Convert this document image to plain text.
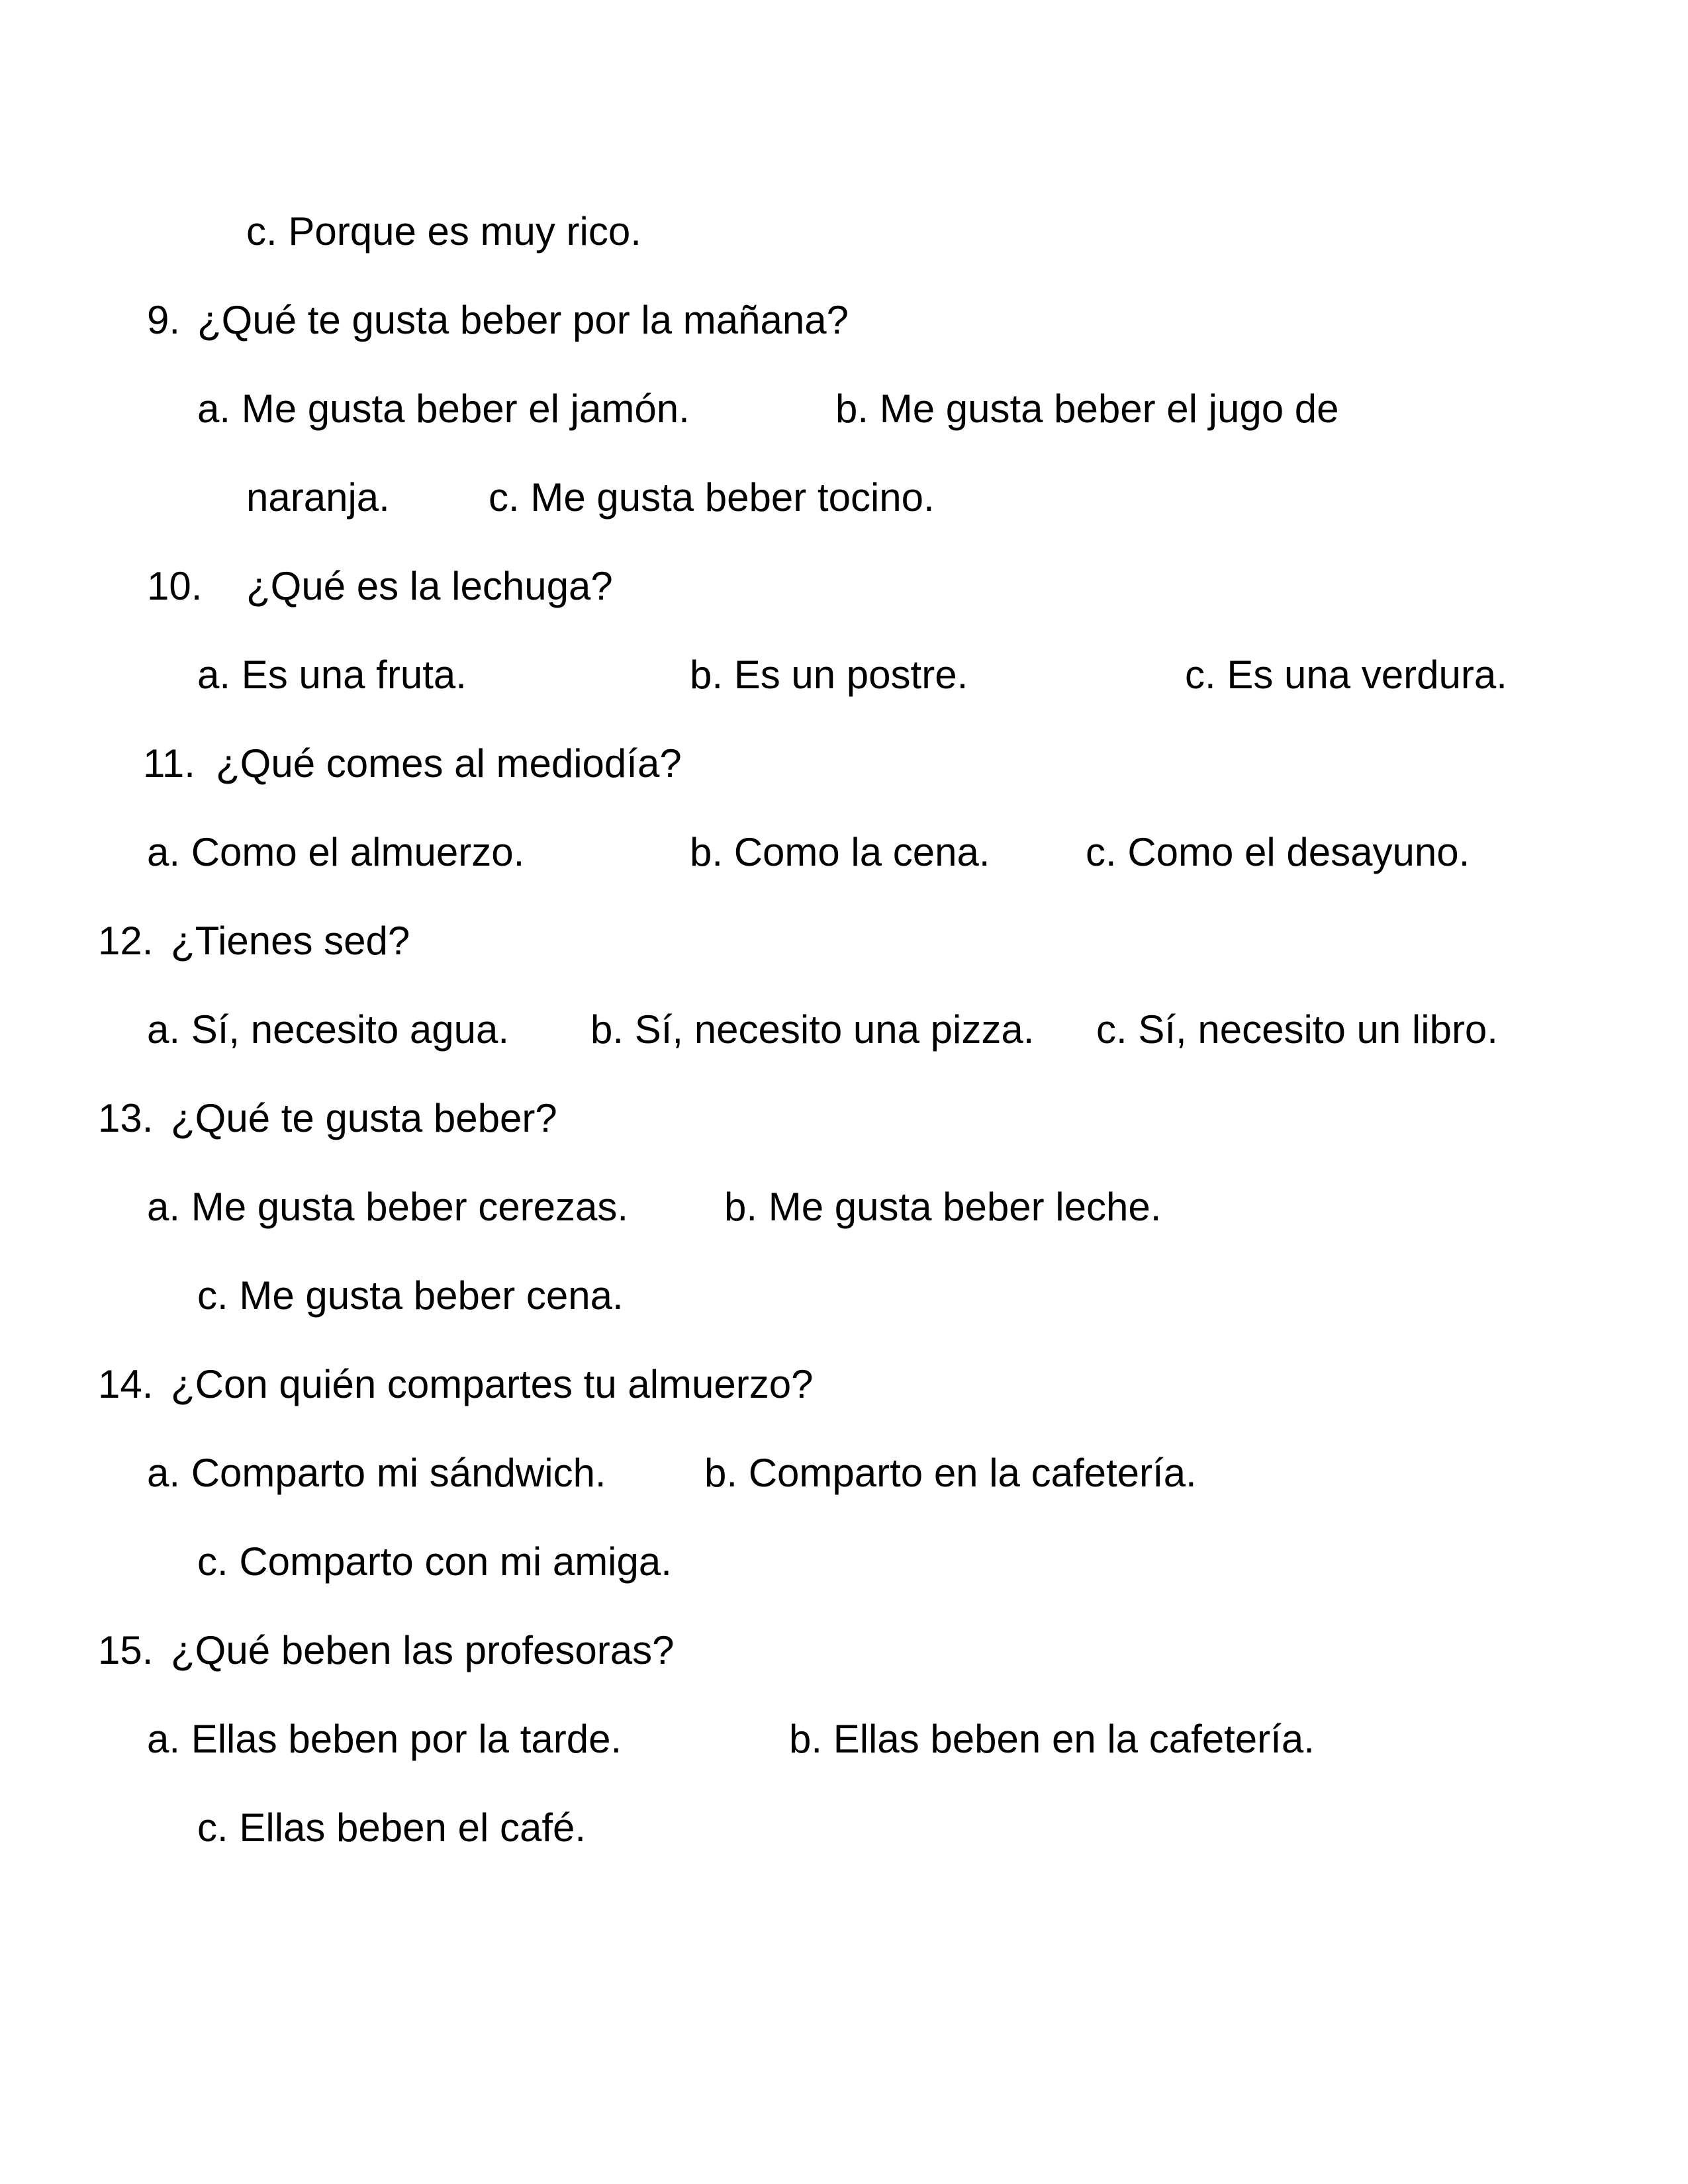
c. Porque es muy rico.
9. ¿Qué te gusta beber por la mañana?
a. Me gusta beber el jamón.	b. Me gusta beber el jugo de
naranja. c. Me gusta beber tocino.
10. ¿Qué es la lechuga?
a. Es una fruta.	b. Es un postre.	c. Es una verdura.
11. ¿Qué comes al mediodía?
a. Como el almuerzo.	b. Como la cena. c. Como el desayuno.
12. ¿Tienes sed?
a. Sí, necesito agua. b. Sí, necesito una pizza. c. Sí, necesito un libro.
13. ¿Qué te gusta beber?
a. Me gusta beber cerezas. b. Me gusta beber leche.
c. Me gusta beber cena.
14. ¿Con quién compartes tu almuerzo?
a. Comparto mi sándwich. b. Comparto en la cafetería.
c. Comparto con mi amiga.
15. ¿Qué beben las profesoras?
a. Ellas beben por la tarde.	b. Ellas beben en la cafetería.
c. Ellas beben el café.
